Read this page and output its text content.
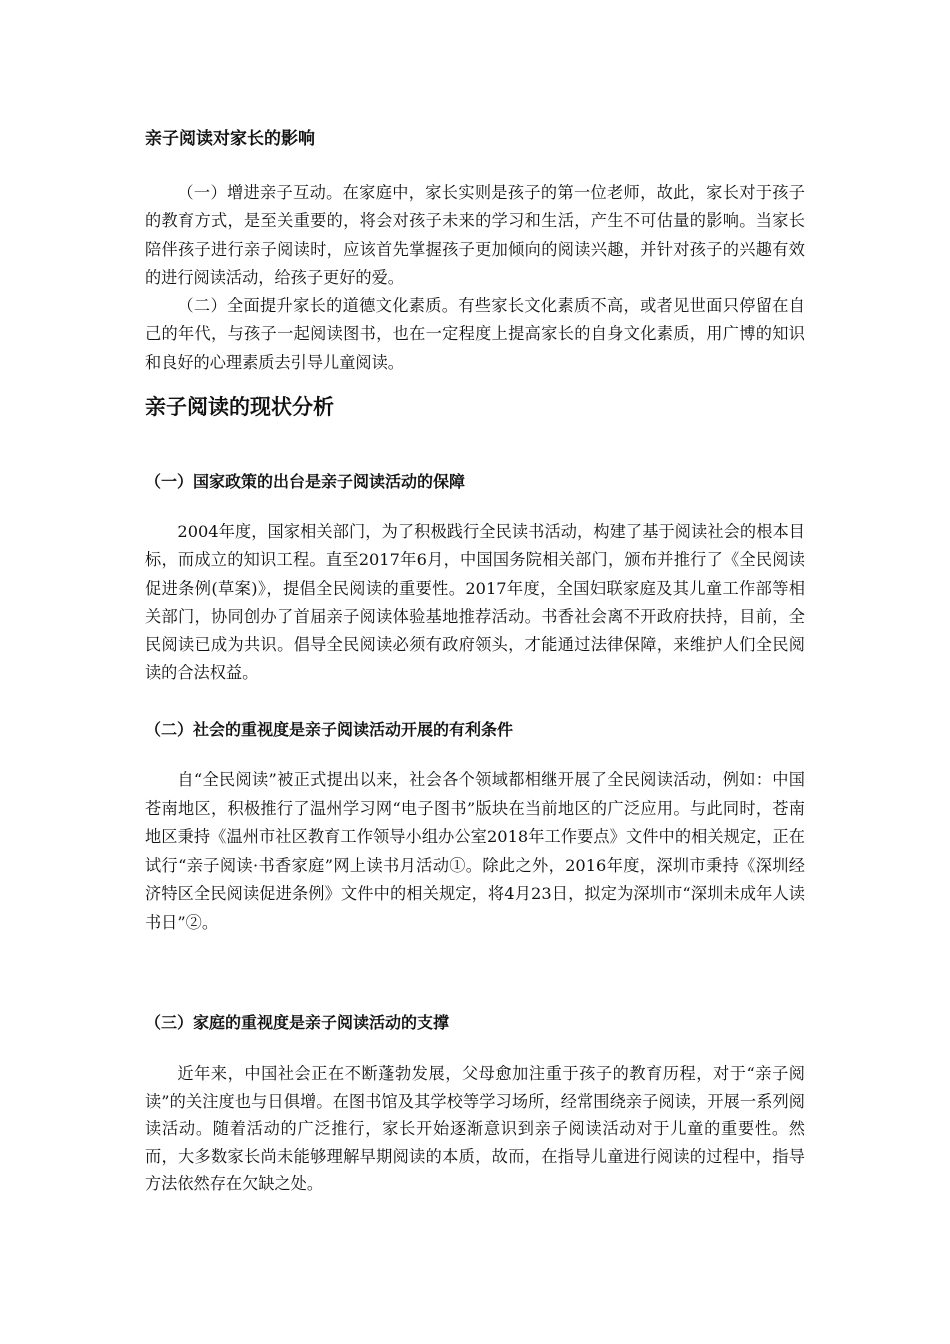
亲子阅读对家长的影响

（一）增进亲子互动。在家庭中，家长实则是孩子的第一位老师，故此，家长对于孩子的教育方式，是至关重要的，将会对孩子未来的学习和生活，产生不可估量的影响。当家长陪伴孩子进行亲子阅读时，应该首先掌握孩子更加倾向的阅读兴趣，并针对孩子的兴趣有效的进行阅读活动，给孩子更好的爱。

（二）全面提升家长的道德文化素质。有些家长文化素质不高，或者见世面只停留在自己的年代，与孩子一起阅读图书，也在一定程度上提高家长的自身文化素质，用广博的知识和良好的心理素质去引导儿童阅读。

亲子阅读的现状分析
（一）国家政策的出台是亲子阅读活动的保障

2004年度，国家相关部门，为了积极践行全民读书活动，构建了基于阅读社会的根本目标，而成立的知识工程。直至2017年6月，中国国务院相关部门，颁布并推行了《全民阅读促进条例(草案)》，提倡全民阅读的重要性。2017年度，全国妇联家庭及其儿童工作部等相关部门，协同创办了首届亲子阅读体验基地推荐活动。书香社会离不开政府扶持，目前，全民阅读已成为共识。倡导全民阅读必须有政府领头，才能通过法律保障，来维护人们全民阅读的合法权益。

（二）社会的重视度是亲子阅读活动开展的有利条件

自“全民阅读”被正式提出以来，社会各个领域都相继开展了全民阅读活动，例如：中国苍南地区，积极推行了温州学习网“电子图书”版块在当前地区的广泛应用。与此同时，苍南地区秉持《温州市社区教育工作领导小组办公室2018年工作要点》文件中的相关规定，正在试行“亲子阅读·书香家庭”网上读书月活动①。除此之外，2016年度，深圳市秉持《深圳经济特区全民阅读促进条例》文件中的相关规定，将4月23日，拟定为深圳市“深圳未成年人读书日”②。

（三）家庭的重视度是亲子阅读活动的支撑

近年来，中国社会正在不断蓬勃发展，父母愈加注重于孩子的教育历程，对于“亲子阅读”的关注度也与日俱增。在图书馆及其学校等学习场所，经常围绕亲子阅读，开展一系列阅读活动。随着活动的广泛推行，家长开始逐渐意识到亲子阅读活动对于儿童的重要性。然而，大多数家长尚未能够理解早期阅读的本质，故而，在指导儿童进行阅读的过程中，指导方法依然存在欠缺之处。
